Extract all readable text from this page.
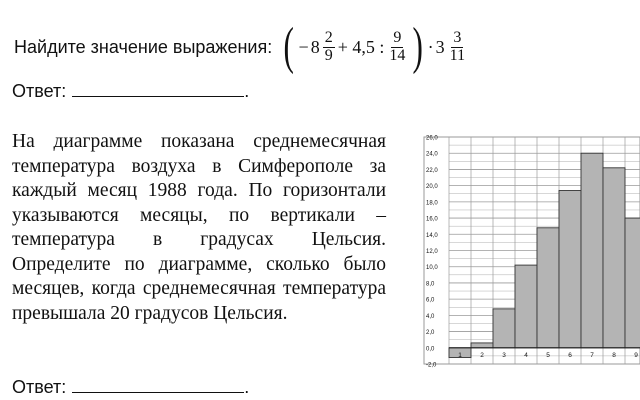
Найдите значение выражения: ( − $8 \frac{2}{9} + 4,5$ : $\frac{9}{14}$ ) · $3 \frac{3}{11}$
Ответ:	.

На диаграмме показана среднемесячная температура воздуха в Симферополе за каждый месяц 1988 года. По горизонтали указываются месяцы, по вертикали – температура в градусах Цельсия. Определите по диаграмме, сколько было месяцев, когда среднемесячная температура превышала 20 градусов Цельсия.

Ответ:	.
26,0
24,0
22,0
20,0
18,0
16,0
14,0
12,0
10,0
8,0
6,0
4,0
2,0
0,0
-2,0
1	2	3	4	5	6	7	8	9
